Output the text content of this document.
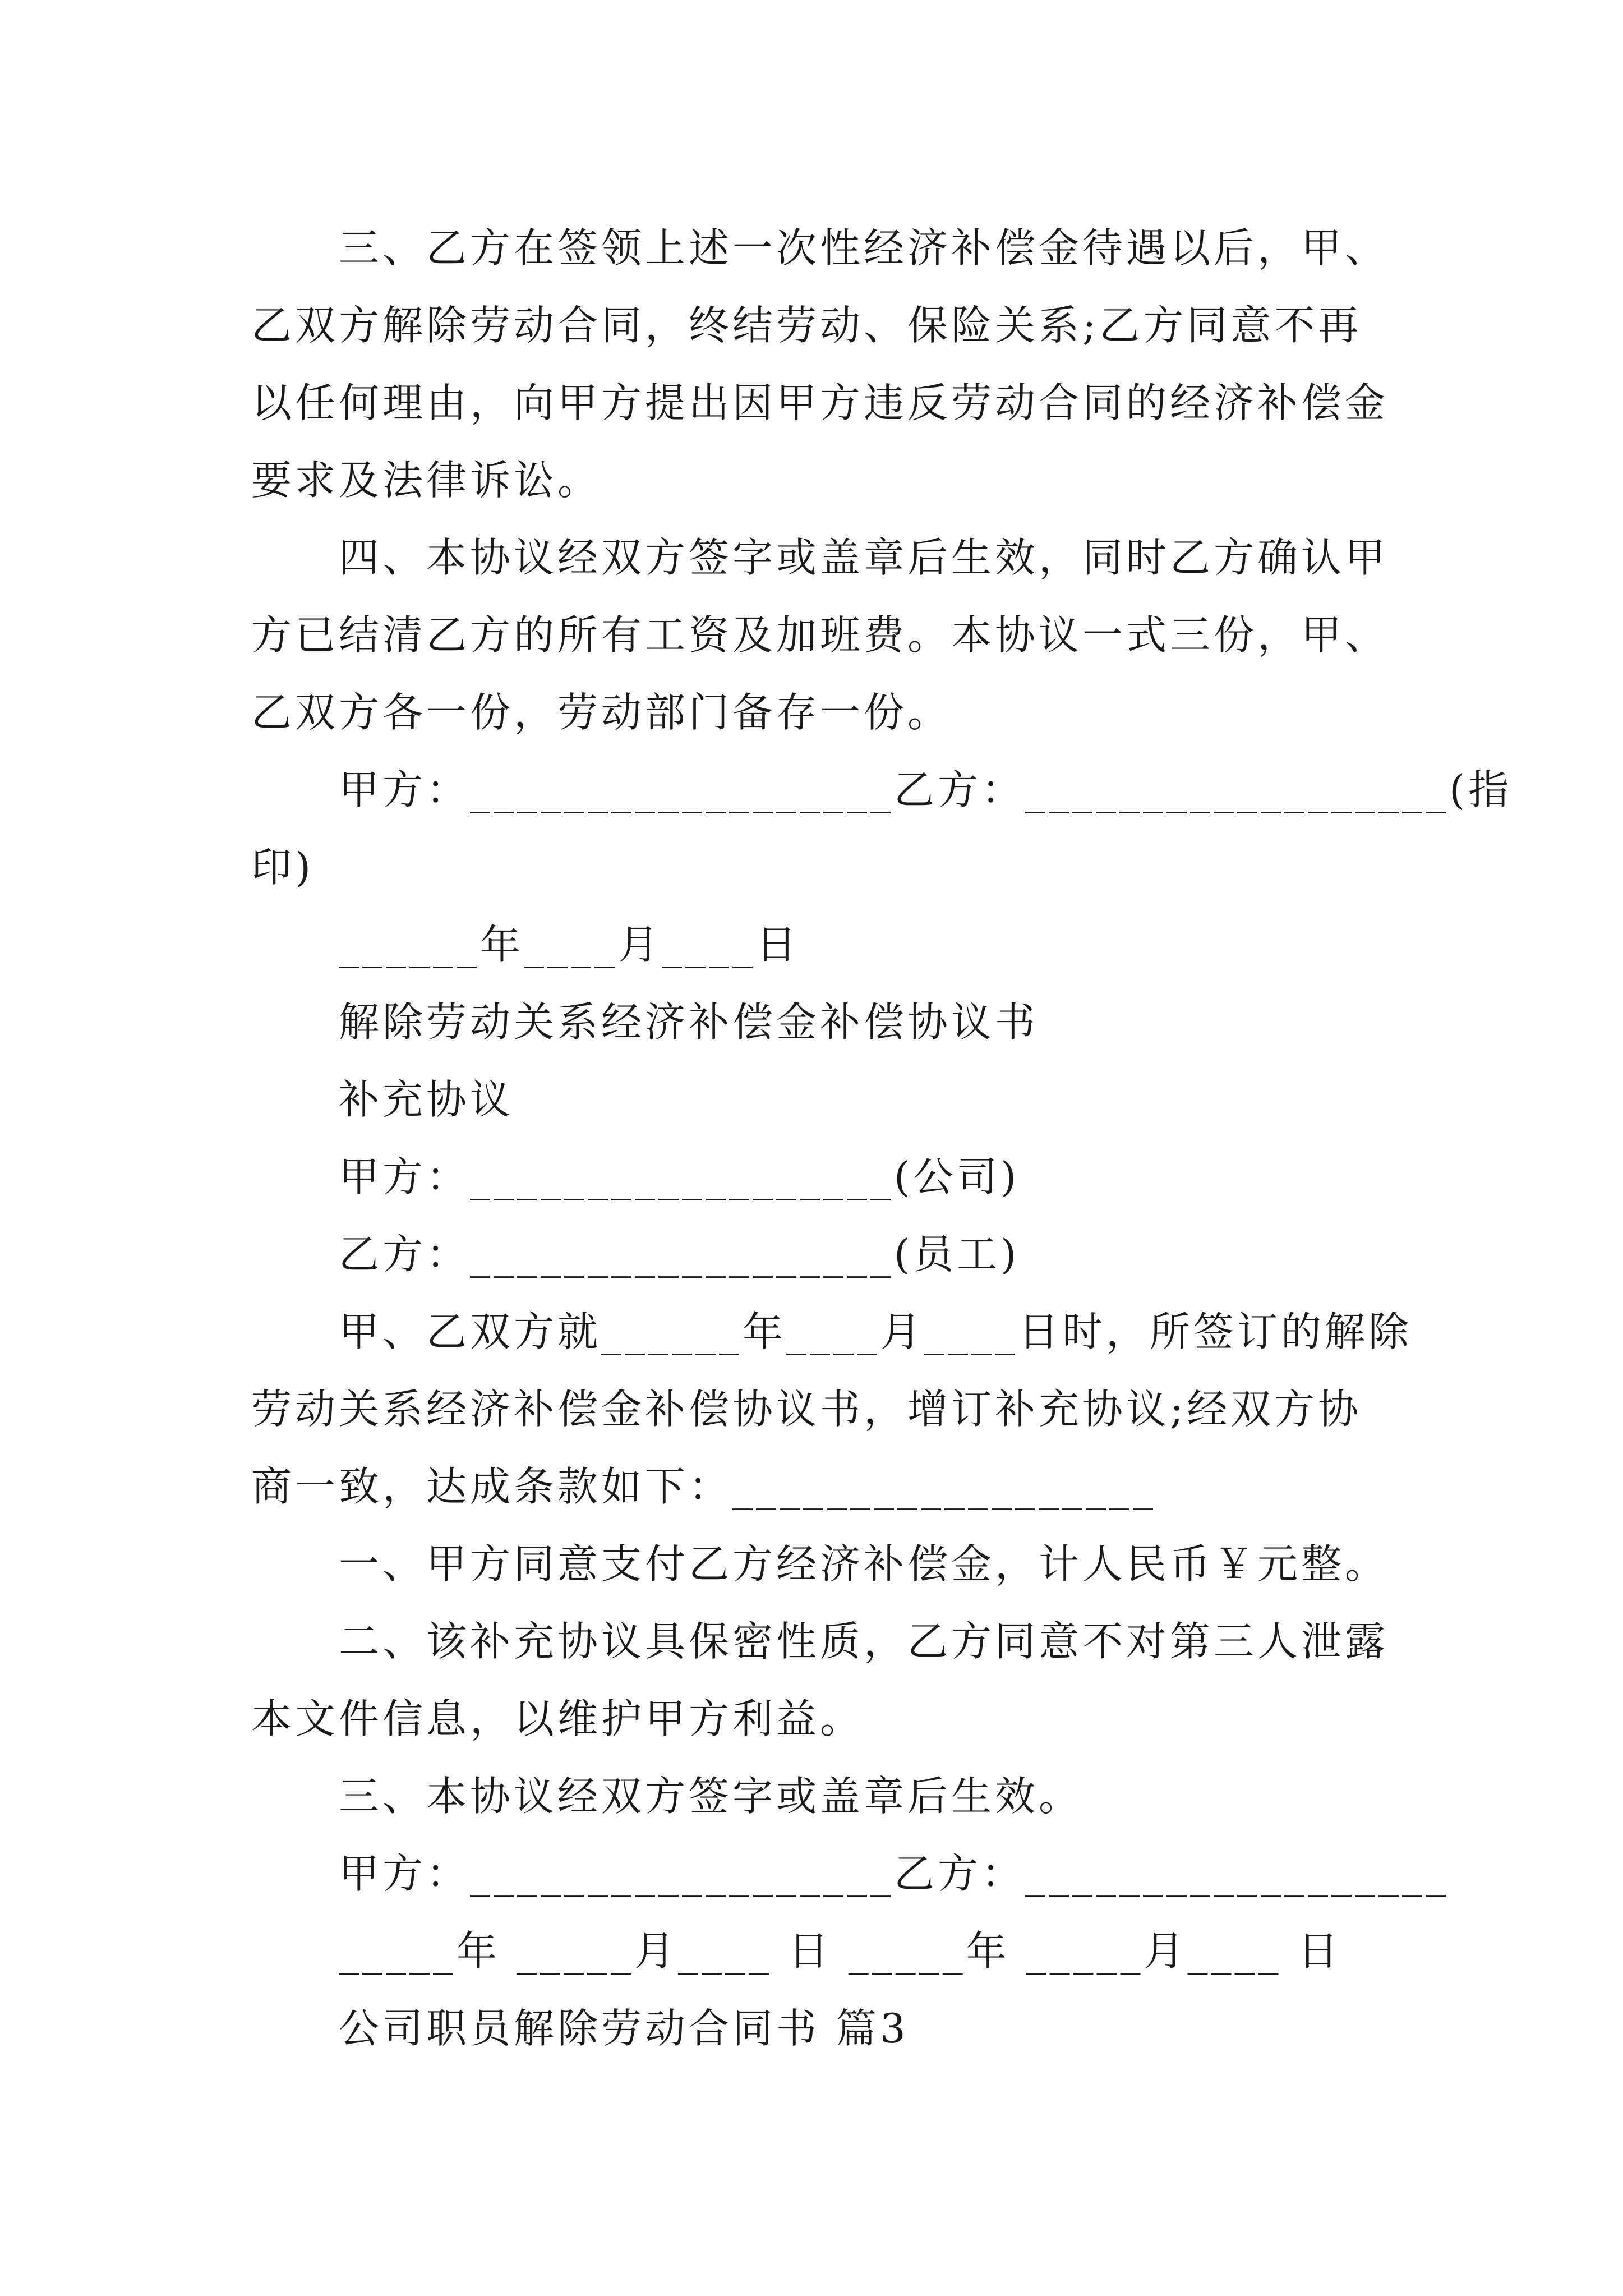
三、乙方在签领上述一次性经济补偿金待遇以后，甲、

乙双方解除劳动合同，终结劳动、保险关系;乙方同意不再

以任何理由，向甲方提出因甲方违反劳动合同的经济补偿金

要求及法律诉讼。

四、本协议经双方签字或盖章后生效，同时乙方确认甲

方已结清乙方的所有工资及加班费。本协议一式三份，甲、

乙双方各一份，劳动部门备存一份。

甲方：__________________乙方：__________________(指

印)

______年____月____日

解除劳动关系经济补偿金补偿协议书

补充协议

甲方：__________________(公司)

乙方：__________________(员工)

甲、乙双方就______年____月____日时，所签订的解除

劳动关系经济补偿金补偿协议书，增订补充协议;经双方协

商一致，达成条款如下：__________________

一、甲方同意支付乙方经济补偿金，计人民币￥元整。

二、该补充协议具保密性质，乙方同意不对第三人泄露

本文件信息，以维护甲方利益。

三、本协议经双方签字或盖章后生效。

甲方：__________________乙方：__________________

_____年 _____月____ 日 _____年 _____月____ 日

公司职员解除劳动合同书 篇3
